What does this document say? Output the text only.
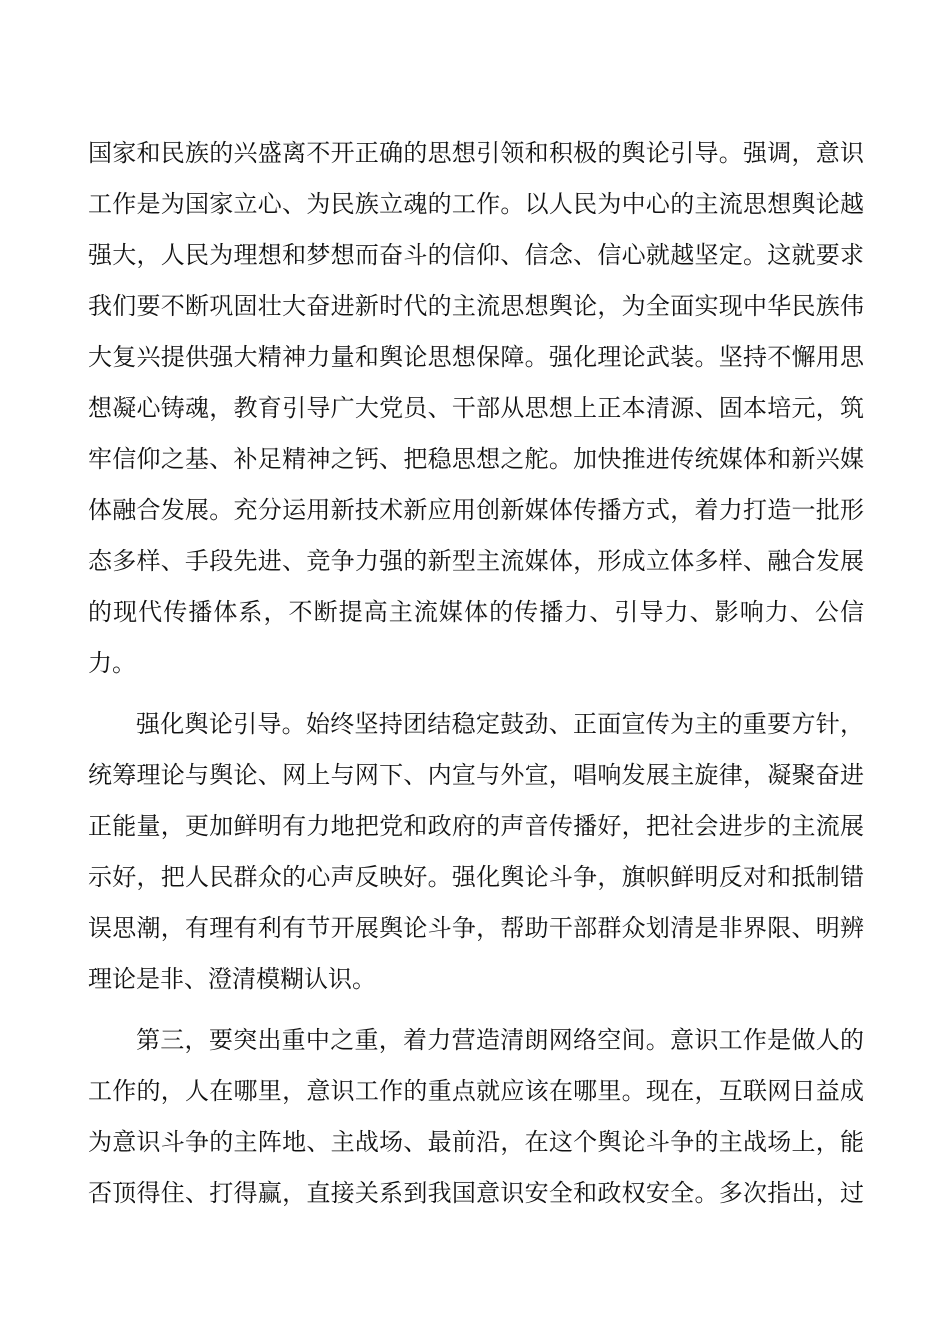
国家和民族的兴盛离不开正确的思想引领和积极的舆论引导。强调，意识
工作是为国家立心、为民族立魂的工作。以人民为中心的主流思想舆论越
强大，人民为理想和梦想而奋斗的信仰、信念、信心就越坚定。这就要求
我们要不断巩固壮大奋进新时代的主流思想舆论，为全面实现中华民族伟
大复兴提供强大精神力量和舆论思想保障。强化理论武装。坚持不懈用思
想凝心铸魂，教育引导广大党员、干部从思想上正本清源、固本培元，筑
牢信仰之基、补足精神之钙、把稳思想之舵。加快推进传统媒体和新兴媒
体融合发展。充分运用新技术新应用创新媒体传播方式，着力打造一批形
态多样、手段先进、竞争力强的新型主流媒体，形成立体多样、融合发展
的现代传播体系，不断提高主流媒体的传播力、引导力、影响力、公信
力。
强化舆论引导。始终坚持团结稳定鼓劲、正面宣传为主的重要方针，
统筹理论与舆论、网上与网下、内宣与外宣，唱响发展主旋律，凝聚奋进
正能量，更加鲜明有力地把党和政府的声音传播好，把社会进步的主流展
示好，把人民群众的心声反映好。强化舆论斗争，旗帜鲜明反对和抵制错
误思潮，有理有利有节开展舆论斗争，帮助干部群众划清是非界限、明辨
理论是非、澄清模糊认识。
第三，要突出重中之重，着力营造清朗网络空间。意识工作是做人的
工作的，人在哪里，意识工作的重点就应该在哪里。现在，互联网日益成
为意识斗争的主阵地、主战场、最前沿，在这个舆论斗争的主战场上，能
否顶得住、打得赢，直接关系到我国意识安全和政权安全。多次指出，过
